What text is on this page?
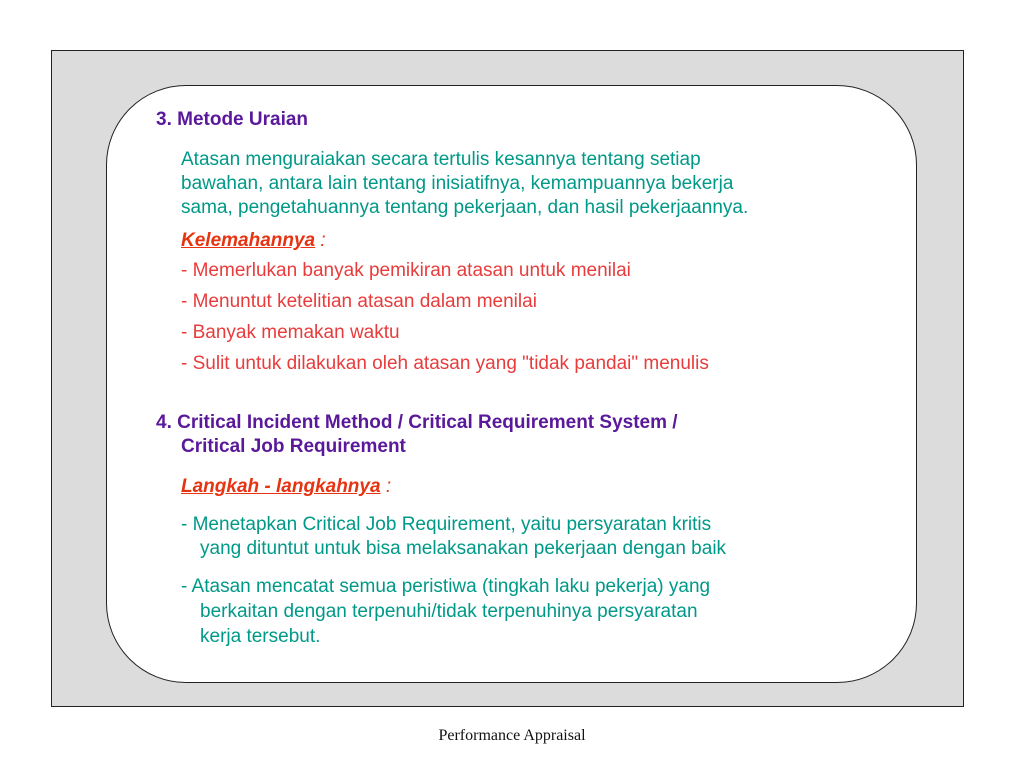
3. Metode Uraian
Atasan menguraiakan secara tertulis kesannya tentang setiap
bawahan, antara lain tentang inisiatifnya, kemampuannya bekerja
sama, pengetahuannya tentang pekerjaan, dan hasil pekerjaannya.
Kelemahannya :
- Memerlukan banyak pemikiran atasan untuk menilai
- Menuntut ketelitian atasan dalam menilai
- Banyak memakan waktu
- Sulit untuk dilakukan oleh atasan yang "tidak pandai" menulis
4. Critical Incident Method / Critical Requirement System /
Critical Job Requirement
Langkah - langkahnya :
- Menetapkan Critical Job Requirement, yaitu persyaratan kritis
yang dituntut untuk bisa melaksanakan pekerjaan dengan baik
- Atasan mencatat semua peristiwa (tingkah laku pekerja) yang
berkaitan dengan terpenuhi/tidak terpenuhinya persyaratan
kerja tersebut.
Performance Appraisal
